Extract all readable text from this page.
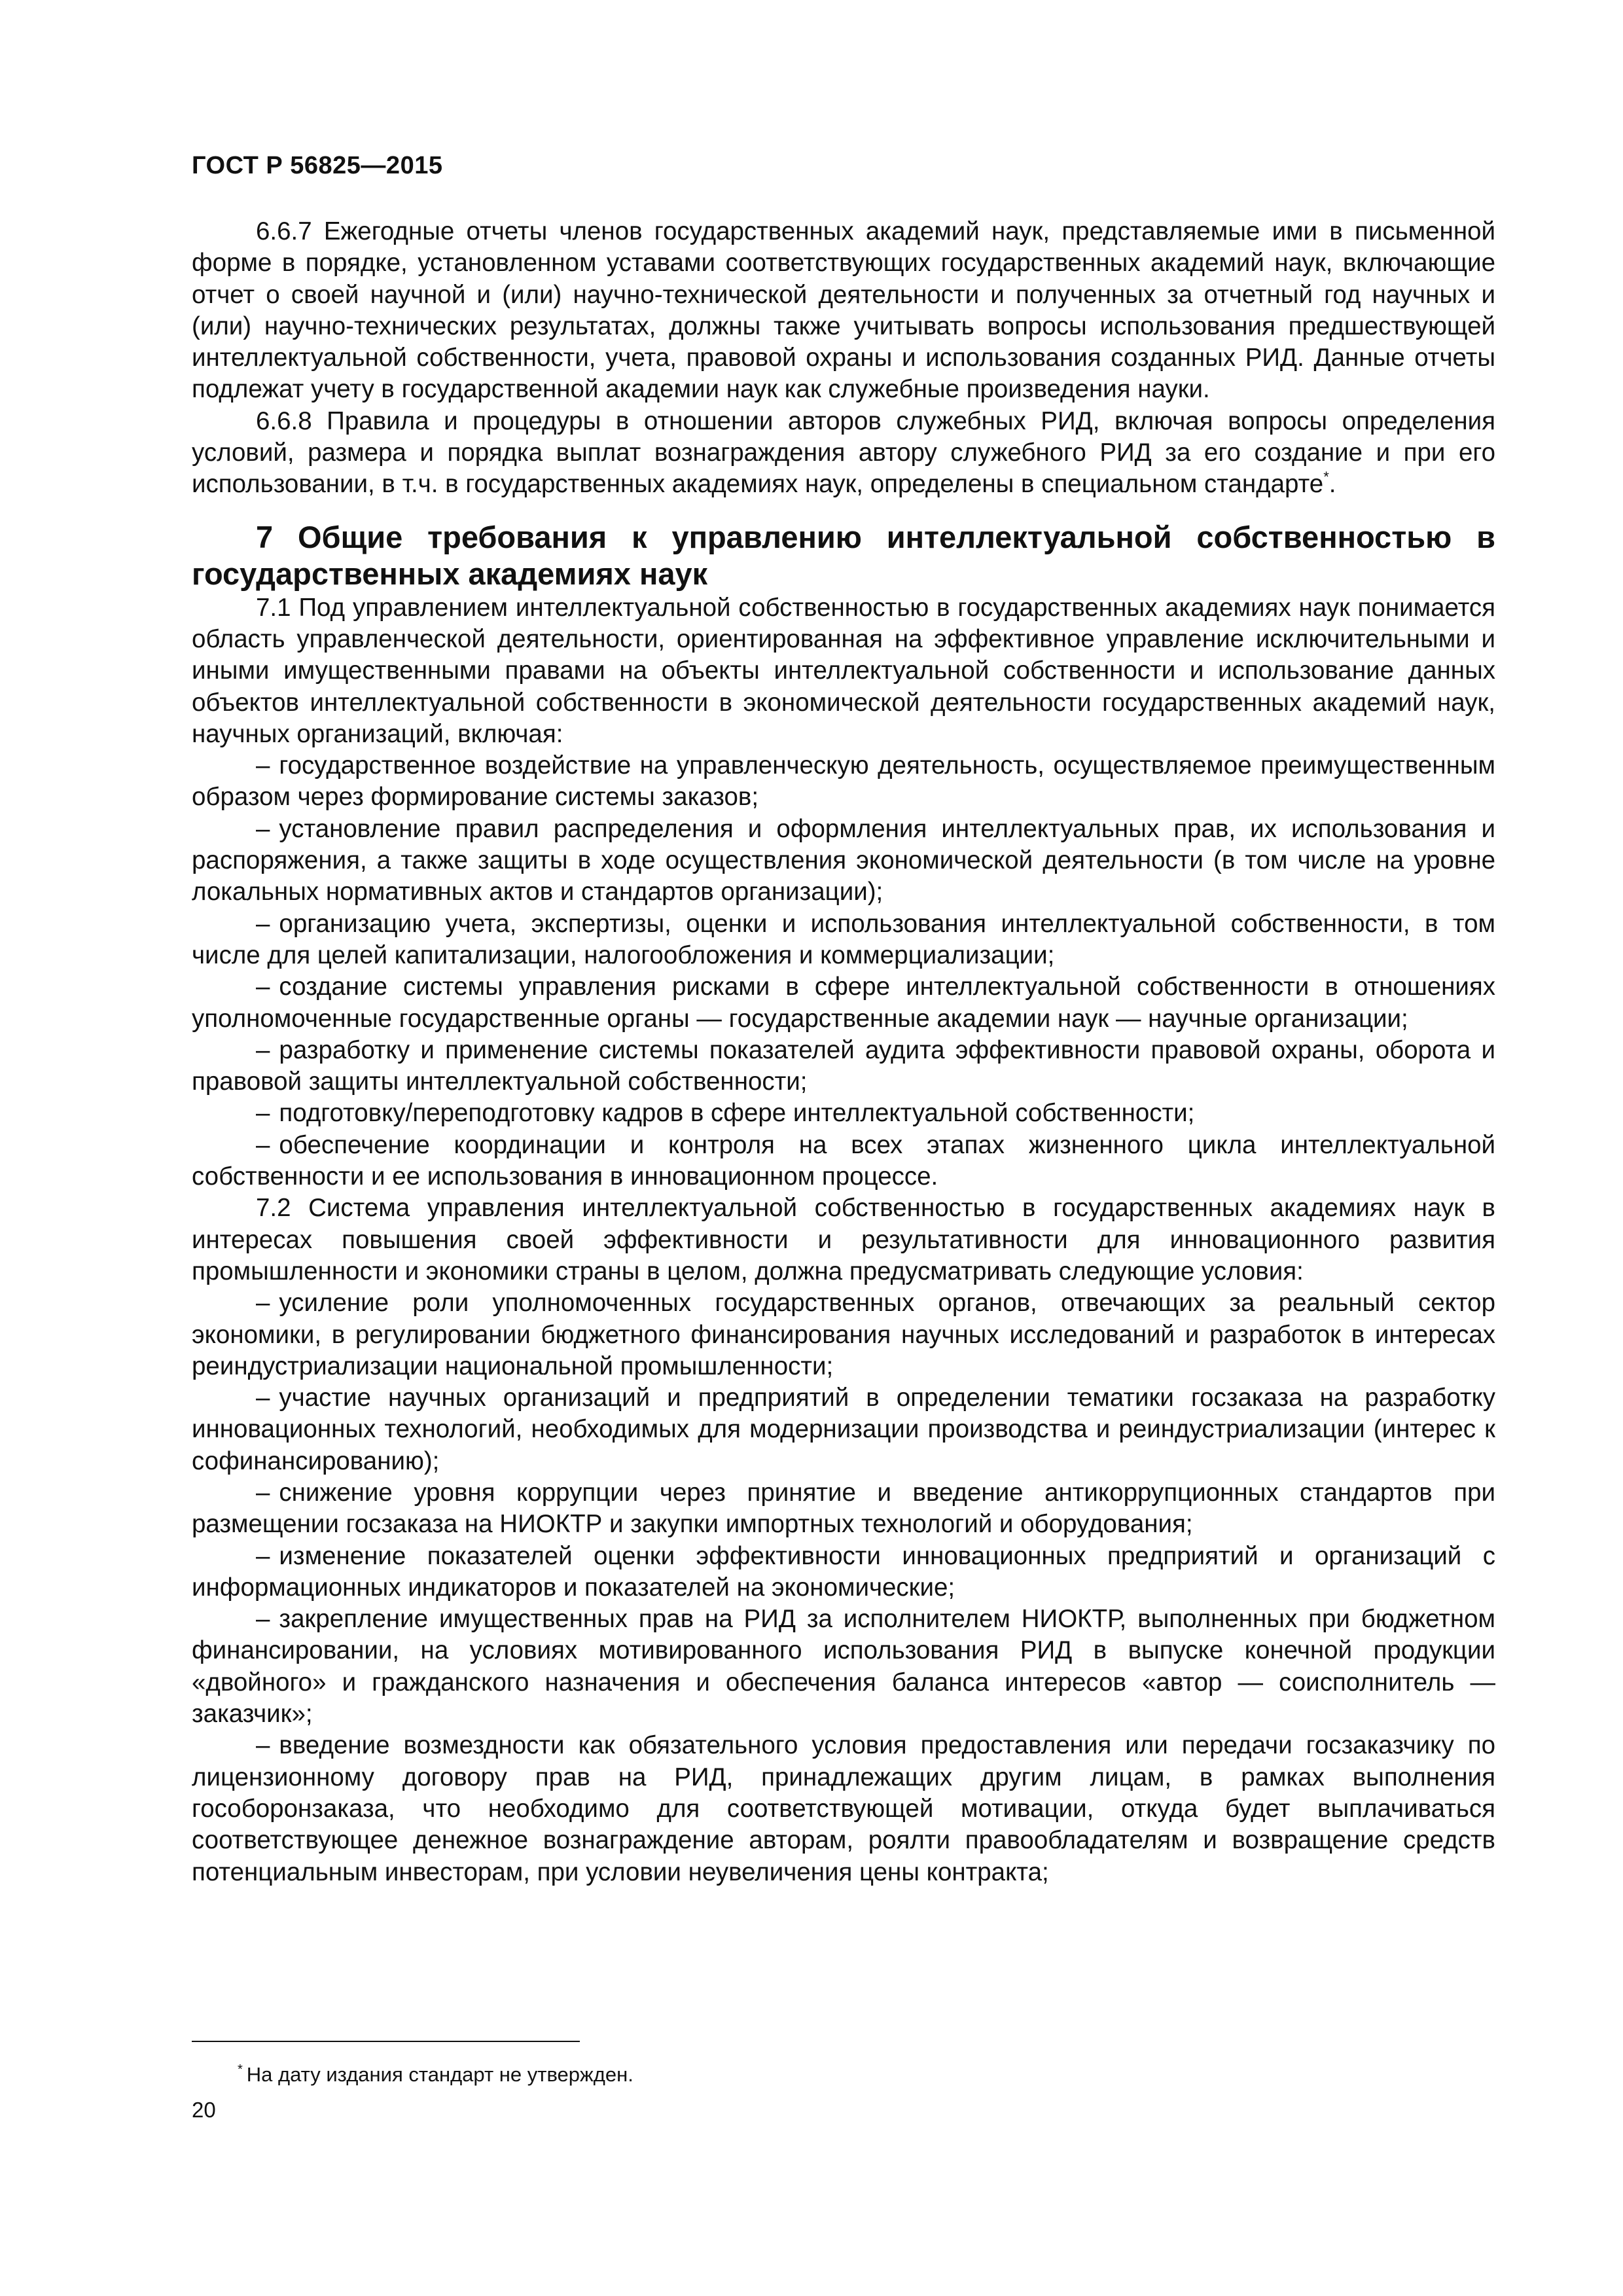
ГОСТ Р 56825—2015

6.6.7 Ежегодные отчеты членов государственных академий наук, представляемые ими в письменной форме в порядке, установленном уставами соответствующих государственных академий наук, включающие отчет о своей научной и (или) научно-технической деятельности и полученных за отчетный год научных и (или) научно-технических результатах, должны также учитывать вопросы использования предшествующей интеллектуальной собственности, учета, правовой охраны и использования созданных РИД. Данные отчеты подлежат учету в государственной академии наук как служебные произведения науки.

6.6.8 Правила и процедуры в отношении авторов служебных РИД, включая вопросы определения условий, размера и порядка выплат вознаграждения автору служебного РИД за его создание и при его использовании, в т.ч. в государственных академиях наук, определены в специальном стандарте*.

7 Общие требования к управлению интеллектуальной собственностью в государственных академиях наук

7.1 Под управлением интеллектуальной собственностью в государственных академиях наук понимается область управленческой деятельности, ориентированная на эффективное управление исключительными и иными имущественными правами на объекты интеллектуальной собственности и использование данных объектов интеллектуальной собственности в экономической деятельности государственных академий наук, научных организаций, включая:

– государственное воздействие на управленческую деятельность, осуществляемое преимущественным образом через формирование системы заказов;

– установление правил распределения и оформления интеллектуальных прав, их использования и распоряжения, а также защиты в ходе осуществления экономической деятельности (в том числе на уровне локальных нормативных актов и стандартов организации);

– организацию учета, экспертизы, оценки и использования интеллектуальной собственности, в том числе для целей капитализации, налогообложения и коммерциализации;

– создание системы управления рисками в сфере интеллектуальной собственности в отношениях уполномоченные государственные органы — государственные академии наук — научные организации;

– разработку и применение системы показателей аудита эффективности правовой охраны, оборота и правовой защиты интеллектуальной собственности;

– подготовку/переподготовку кадров в сфере интеллектуальной собственности;

– обеспечение координации и контроля на всех этапах жизненного цикла интеллектуальной собственности и ее использования в инновационном процессе.

7.2 Система управления интеллектуальной собственностью в государственных академиях наук в интересах повышения своей эффективности и результативности для инновационного развития промышленности и экономики страны в целом, должна предусматривать следующие условия:

– усиление роли уполномоченных государственных органов, отвечающих за реальный сектор экономики, в регулировании бюджетного финансирования научных исследований и разработок в интересах реиндустриализации национальной промышленности;

– участие научных организаций и предприятий в определении тематики госзаказа на разработку инновационных технологий, необходимых для модернизации производства и реиндустриализации (интерес к софинансированию);

– снижение уровня коррупции через принятие и введение антикоррупционных стандартов при размещении госзаказа на НИОКТР и закупки импортных технологий и оборудования;

– изменение показателей оценки эффективности инновационных предприятий и организаций с информационных индикаторов и показателей на экономические;

– закрепление имущественных прав на РИД за исполнителем НИОКТР, выполненных при бюджетном финансировании, на условиях мотивированного использования РИД в выпуске конечной продукции «двойного» и гражданского назначения и обеспечения баланса интересов «автор — соисполнитель — заказчик»;

– введение возмездности как обязательного условия предоставления или передачи госзаказчику по лицензионному договору прав на РИД, принадлежащих другим лицам, в рамках выполнения гособоронзаказа, что необходимо для соответствующей мотивации, откуда будет выплачиваться соответствующее денежное вознаграждение авторам, роялти правообладателям и возвращение средств потенциальным инвесторам, при условии неувеличения цены контракта;

* На дату издания стандарт не утвержден.
20
